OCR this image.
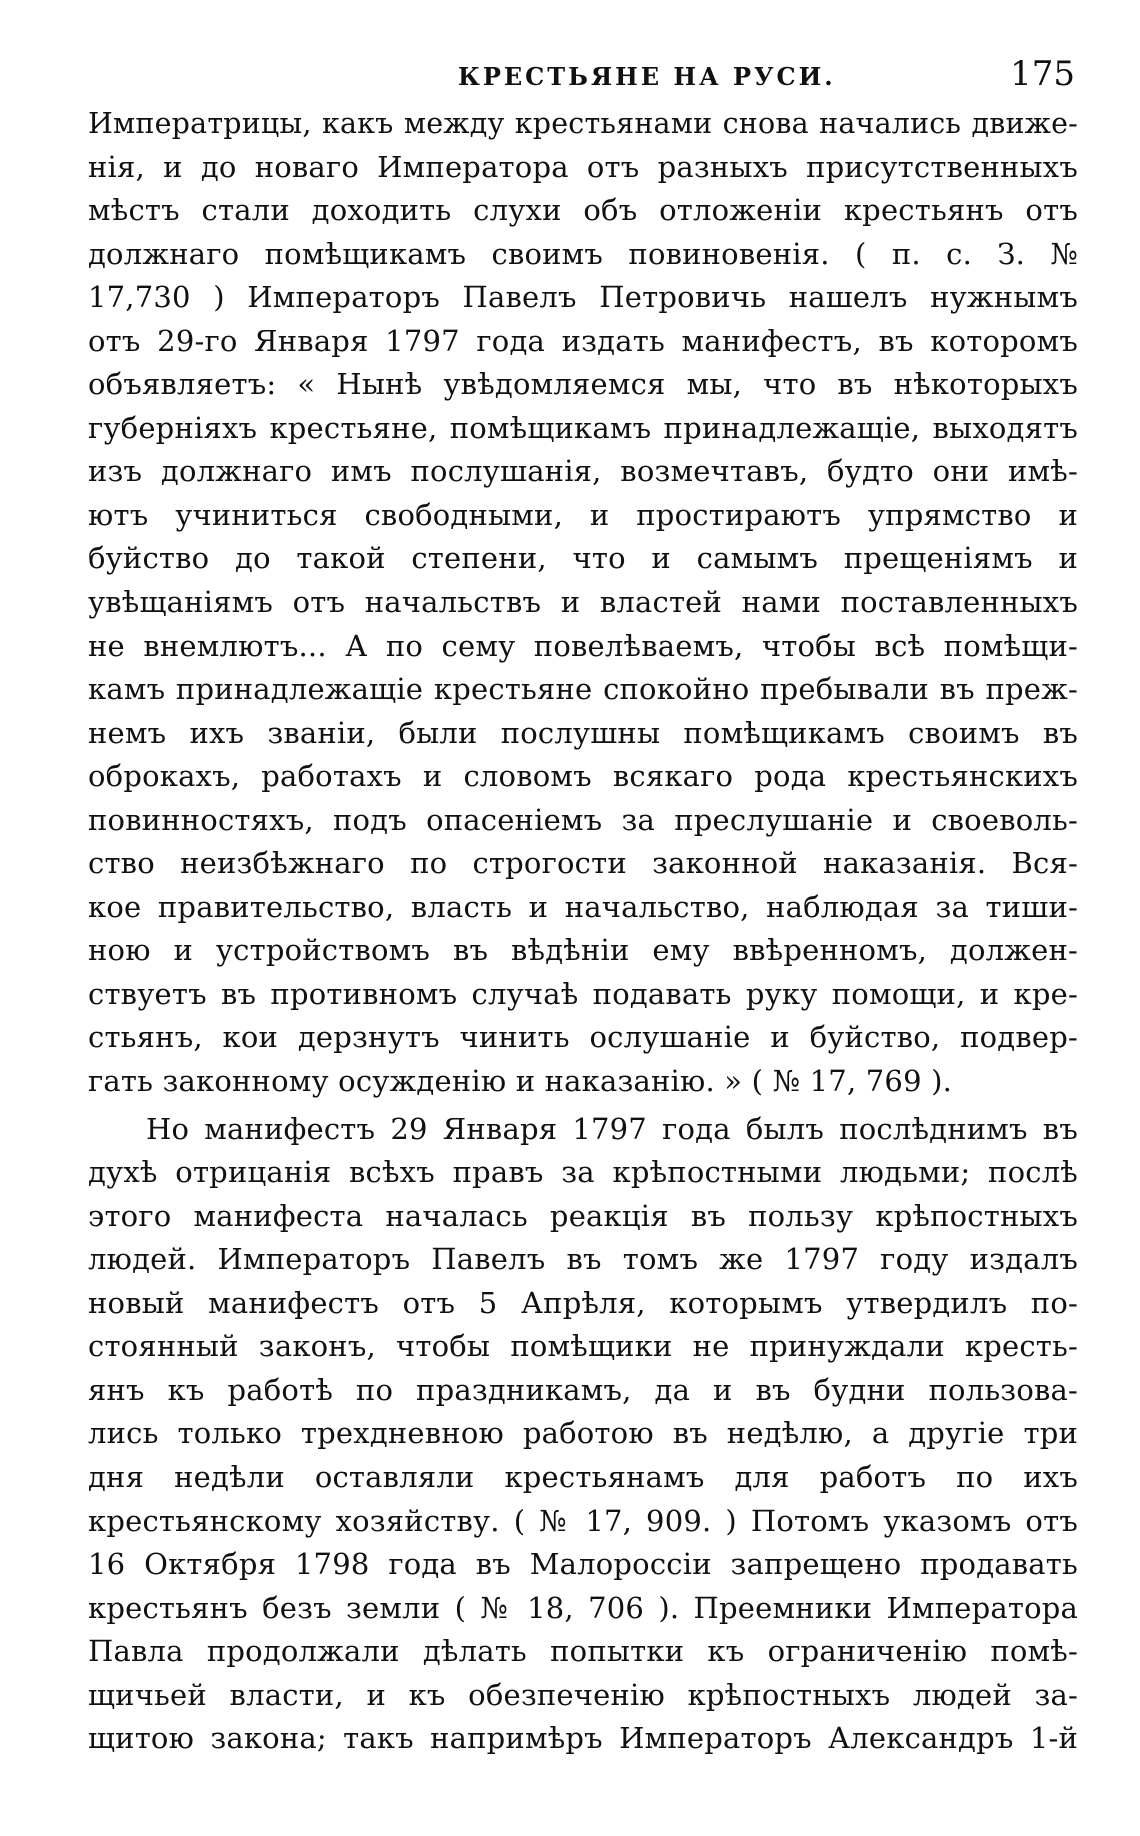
КРЕСТЬЯНЕ НА РУСИ.	175
Императрицы, какъ между крестьянами снова начались движе-
нія, и до новаго Императора отъ разныхъ присутственныхъ
мѣстъ стали доходить слухи объ отложеніи крестьянъ отъ
должнаго помѣщикамъ своимъ повиновенія. ( п. с. З. №
17,730 ) Императоръ Павелъ Петровичь нашелъ нужнымъ
отъ 29-го Января 1797 года издать манифестъ, въ которомъ
объявляетъ: « Нынѣ увѣдомляемся мы, что въ нѣкоторыхъ
губерніяхъ крестьяне, помѣщикамъ принадлежащіе, выходятъ
изъ должнаго имъ послушанія, возмечтавъ, будто они имѣ-
ютъ учиниться свободными, и простираютъ упрямство и
буйство до такой степени, что и самымъ прещеніямъ и
увѣщаніямъ отъ начальствъ и властей нами поставленныхъ
не внемлютъ... А по сему повелѣваемъ, чтобы всѣ помѣщи-
камъ принадлежащіе крестьяне спокойно пребывали въ преж-
немъ ихъ званіи, были послушны помѣщикамъ своимъ въ
оброкахъ, работахъ и словомъ всякаго рода крестьянскихъ
повинностяхъ, подъ опасеніемъ за преслушаніе и своеволь-
ство неизбѣжнаго по строгости законной наказанія. Вся-
кое правительство, власть и начальство, наблюдая за тиши-
ною и устройствомъ въ вѣдѣніи ему ввѣренномъ, должен-
ствуетъ въ противномъ случаѣ подавать руку помощи, и кре-
стьянъ, кои дерзнутъ чинить ослушаніе и буйство, подвер-
гать законному осужденію и наказанію. » ( № 17, 769 ).
Но манифестъ 29 Января 1797 года былъ послѣднимъ въ
духѣ отрицанія всѣхъ правъ за крѣпостными людьми; послѣ
этого манифеста началась реакція въ пользу крѣпостныхъ
людей. Императоръ Павелъ въ томъ же 1797 году издалъ
новый манифестъ отъ 5 Апрѣля, которымъ утвердилъ по-
стоянный законъ, чтобы помѣщики не принуждали кресть-
янъ къ работѣ по праздникамъ, да и въ будни пользова-
лись только трехдневною работою въ недѣлю, а другіе три
дня недѣли оставляли крестьянамъ для работъ по ихъ
крестьянскому хозяйству. ( № 17, 909. ) Потомъ указомъ отъ
16 Октября 1798 года въ Малороссіи запрещено продавать
крестьянъ безъ земли ( № 18, 706 ). Преемники Императора
Павла продолжали дѣлать попытки къ ограниченію помѣ-
щичьей власти, и къ обезпеченію крѣпостныхъ людей за-
щитою закона; такъ напримѣръ Императоръ Александръ 1-й
